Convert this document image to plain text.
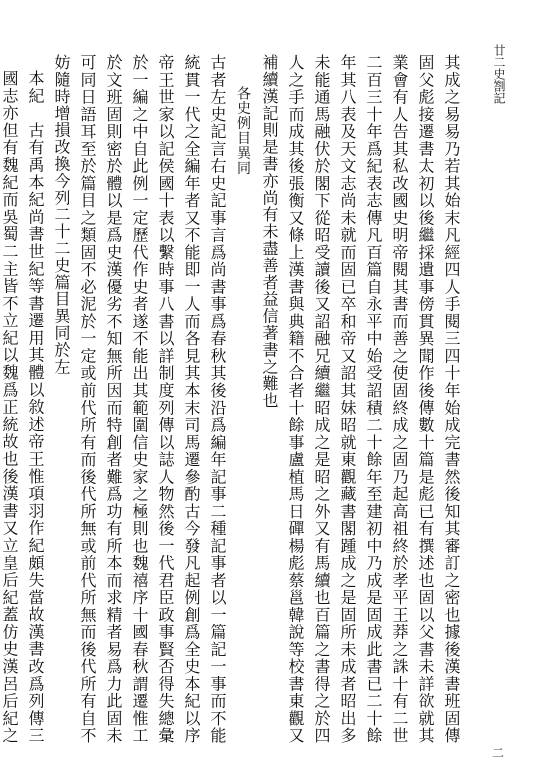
廿二史劄記
二

其成之易易乃若其始末凡經四人手閱三四十年始成完書然後知其審訂之密也據後漢書班固傳固父彪接遷書太初以後繼採遺事傍貫異聞作後傳數十篇是彪已有撰述也固以父書未詳欲就其業會有人告其私改國史明帝閱其書而善之使固終成之固乃起高祖終於孝平王莽之誅十有二世二百三十年爲紀表志傳凡百篇自永平中始受詔積二十餘年至建初中乃成是固成此書已二十餘年其八表及天文志尚未就而固已卒和帝又詔其妹昭就東觀藏書閣踵成之是固所未成者昭出多未能通馬融伏於閣下從昭受讀後又詔融兄續繼昭成之是昭之外又有馬續也百篇之書得之於四人之手而成其後張衡又條上漢書與典籍不合者十餘事盧植馬日磾楊彪蔡邕韓說等校書東觀又補續漢記則是書亦尚有未盡善者益信著書之難也

各史例目異同

古者左史記言右史記事言爲尚書事爲春秋其後沿爲編年記事二種記事者以一篇記一事而不能統貫一代之全編年者又不能即一人而各見其本末司馬遷參酌古今發凡起例創爲全史本紀以序帝王世家以記侯國十表以繫時事八書以詳制度列傳以誌人物然後一代君臣政事賢否得失總彙於一編之中自此例一定歷代作史者遂不能出其範圍信史家之極則也魏禧序十國春秋謂遷惟工於文班固則密於體以是爲史漢優劣不知無所因而特創者難爲功有所本而求精者易爲力此固未可同日語耳至於篇目之類固不必泥於一定或前代所有而後代所無或前代所無而後代所有自不妨隨時增損改換今列二十二史篇目異同於左

本紀　古有禹本紀尚書世紀等書遷用其體以敘述帝王惟項羽作紀頗失當故漢書改爲列傳三國志亦但有魏紀而吳蜀二主皆不立紀以魏爲正統故也後漢書又立皇后紀蓋仿史漢呂后紀之
